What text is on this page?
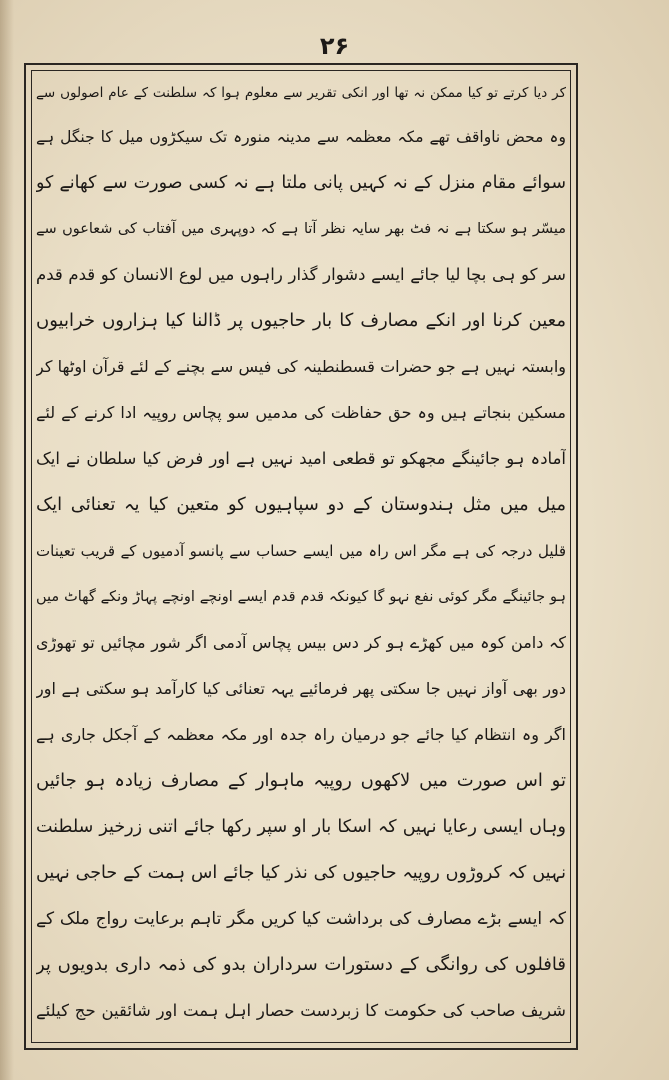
۲۶
کر دیا کرتے تو کیا ممکن نہ تھا اور انکی تقریر سے معلوم ہوا کہ سلطنت کے عام اصولوں سے
وہ محض ناواقف تھے مکہ معظمہ سے مدینہ منورہ تک سیکڑوں میل کا جنگل ہے
سوائے مقام منزل کے نہ کہیں پانی ملتا ہے نہ کسی صورت سے کھانے کو
میسّر ہو سکتا ہے نہ فٹ بھر سایہ نظر آتا ہے کہ دوپہری میں آفتاب کی شعاعوں سے
سر کو ہی بچا لیا جائے ایسے دشوار گذار راہوں میں لوع الانسان کو قدم قدم
معین کرنا اور انکے مصارف کا بار حاجیوں پر ڈالنا کیا ہزاروں خرابیوں
وابستہ نہیں ہے جو حضرات قسطنطینہ کی فیس سے بچنے کے لئے قرآن اوٹھا کر
مسکین بنجاتے ہیں وہ حق حفاظت کی مدمیں سو پچاس روپیہ ادا کرنے کے لئے
آمادہ ہو جائینگے مجھکو تو قطعی امید نہیں ہے اور فرض کیا سلطان نے ایک
میل میں مثل ہندوستان کے دو سپاہیوں کو متعین کیا یہ تعنائی ایک
قلیل درجہ کی ہے مگر اس راہ میں ایسے حساب سے پانسو آدمیوں کے قریب تعینات
ہو جائینگے مگر کوئی نفع نہو گا کیونکہ قدم قدم ایسے اونچے اونچے پہاڑ ونکے گھاٹ میں
کہ دامن کوہ میں کھڑے ہو کر دس بیس پچاس آدمی اگر شور مچائیں تو تھوڑی
دور بھی آواز نہیں جا سکتی پھر فرمائیے یہہ تعنائی کیا کارآمد ہو سکتی ہے اور
اگر وہ انتظام کیا جائے جو درمیان راہ جدہ اور مکہ معظمہ کے آجکل جاری ہے
تو اس صورت میں لاکھوں روپیہ ماہوار کے مصارف زیادہ ہو جائیں
وہاں ایسی رعایا نہیں کہ اسکا بار او سپر رکھا جائے اتنی زرخیز سلطنت
نہیں کہ کروڑوں روپیہ حاجیوں کی نذر کیا جائے اس ہمت کے حاجی نہیں
کہ ایسے بڑے مصارف کی برداشت کیا کریں مگر تاہم برعایت رواج ملک کے
قافلوں کی روانگی کے دستورات سرداران بدو کی ذمہ داری بدویوں پر
شریف صاحب کی حکومت کا زبردست حصار اہل ہمت اور شائقین حج کیلئے
